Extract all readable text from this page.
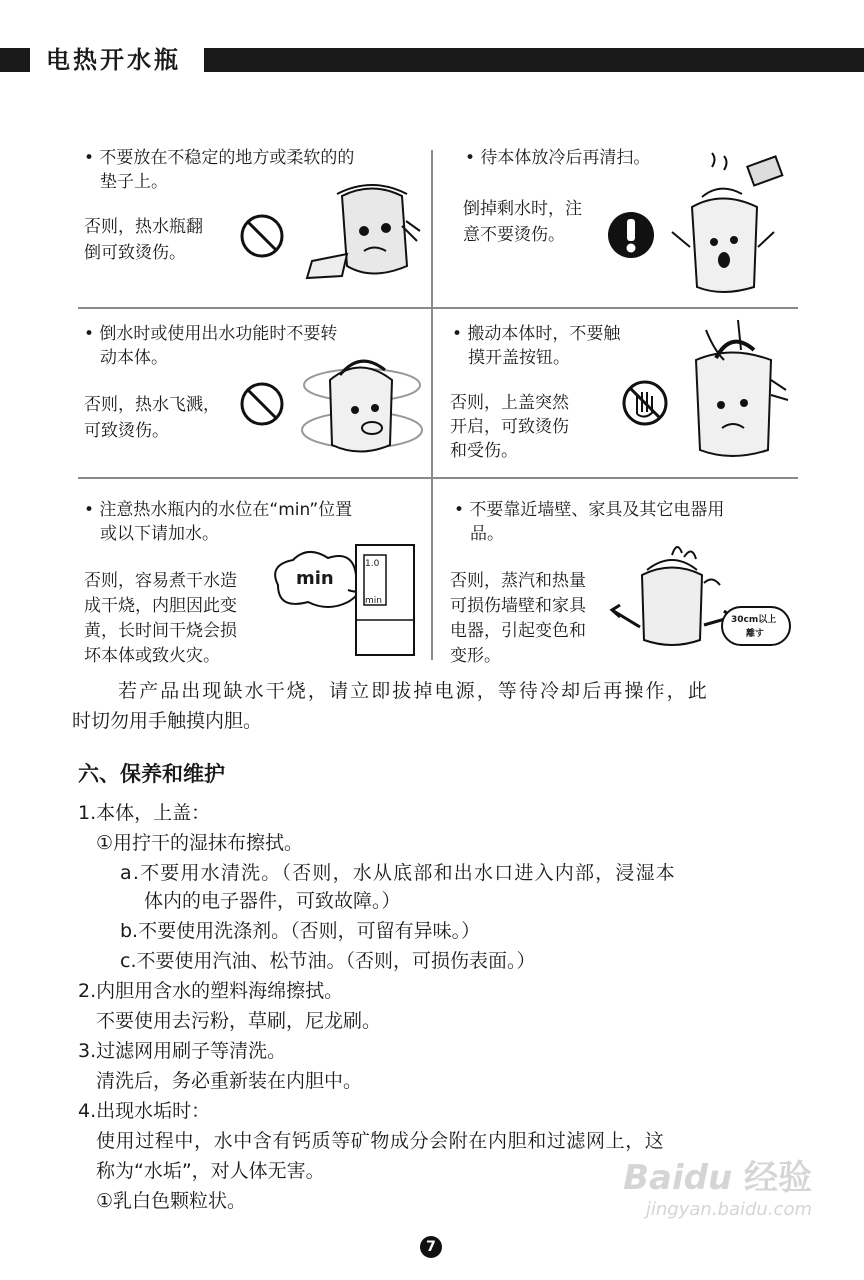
电热开水瓶
• 不要放在不稳定的地方或柔软的的
垫子上。
否则，热水瓶翻
倒可致烫伤。
• 待本体放冷后再清扫。
倒掉剩水时，注
意不要烫伤。
• 倒水时或使用出水功能时不要转
动本体。
否则，热水飞溅，
可致烫伤。
• 搬动本体时，不要触
摸开盖按钮。
否则，上盖突然
开启，可致烫伤
和受伤。
• 注意热水瓶内的水位在“min”位置
或以下请加水。
否则，容易煮干水造
成干烧，内胆因此变
黄，长时间干烧会损
坏本体或致火灾。
min
1.0
min
• 不要靠近墙壁、家具及其它电器用
品。
否则，蒸汽和热量
可损伤墙壁和家具
电器，引起变色和
变形。
30cm以上
離す
若产品出现缺水干烧，请立即拔掉电源，等待冷却后再操作，此
时切勿用手触摸内胆。
六、保养和维护
1.本体，上盖：
①用拧干的湿抹布擦拭。
a.不要用水清洗。（否则，水从底部和出水口进入内部，浸湿本
体内的电子器件，可致故障。）
b.不要使用洗涤剂。（否则，可留有异味。）
c.不要使用汽油、松节油。（否则，可损伤表面。）
2.内胆用含水的塑料海绵擦拭。
不要使用去污粉，草刷，尼龙刷。
3.过滤网用刷子等清洗。
清洗后，务必重新装在内胆中。
4.出现水垢时：
使用过程中，水中含有钙质等矿物成分会附在内胆和过滤网上，这
称为“水垢”，对人体无害。
①乳白色颗粒状。
Baidu 经验
jingyan.baidu.com
7
